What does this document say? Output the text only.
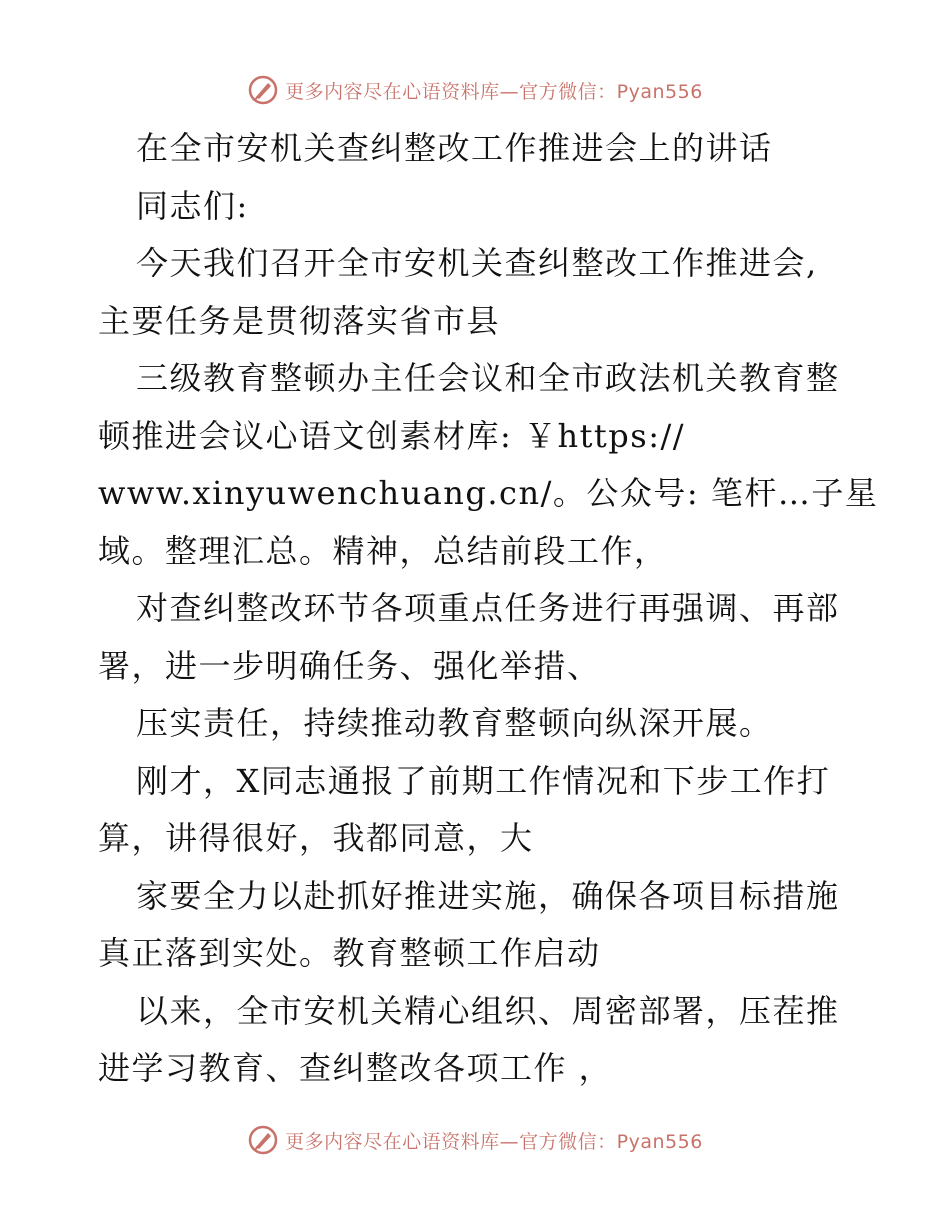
更多内容尽在心语资料库—官方微信：Pyan556
在全市安机关查纠整改工作推进会上的讲话
同志们:
今天我们召开全市安机关查纠整改工作推进会,
主要任务是贯彻落实省市县
三级教育整顿办主任会议和全市政法机关教育整
顿推进会议心语文创素材库: ￥https://
www.xinyuwenchuang.cn/。公众号: 笔杆…子星
域。整理汇总。精神，总结前段工作，
对查纠整改环节各项重点任务进行再强调、再部
署，进一步明确任务、强化举措、
压实责任，持续推动教育整顿向纵深开展。
刚才，X同志通报了前期工作情况和下步工作打
算，讲得很好，我都同意，大
家要全力以赴抓好推进实施，确保各项目标措施
真正落到实处。教育整顿工作启动
以来，全市安机关精心组织、周密部署，压茬推
进学习教育、查纠整改各项工作 ，
更多内容尽在心语资料库—官方微信：Pyan556
